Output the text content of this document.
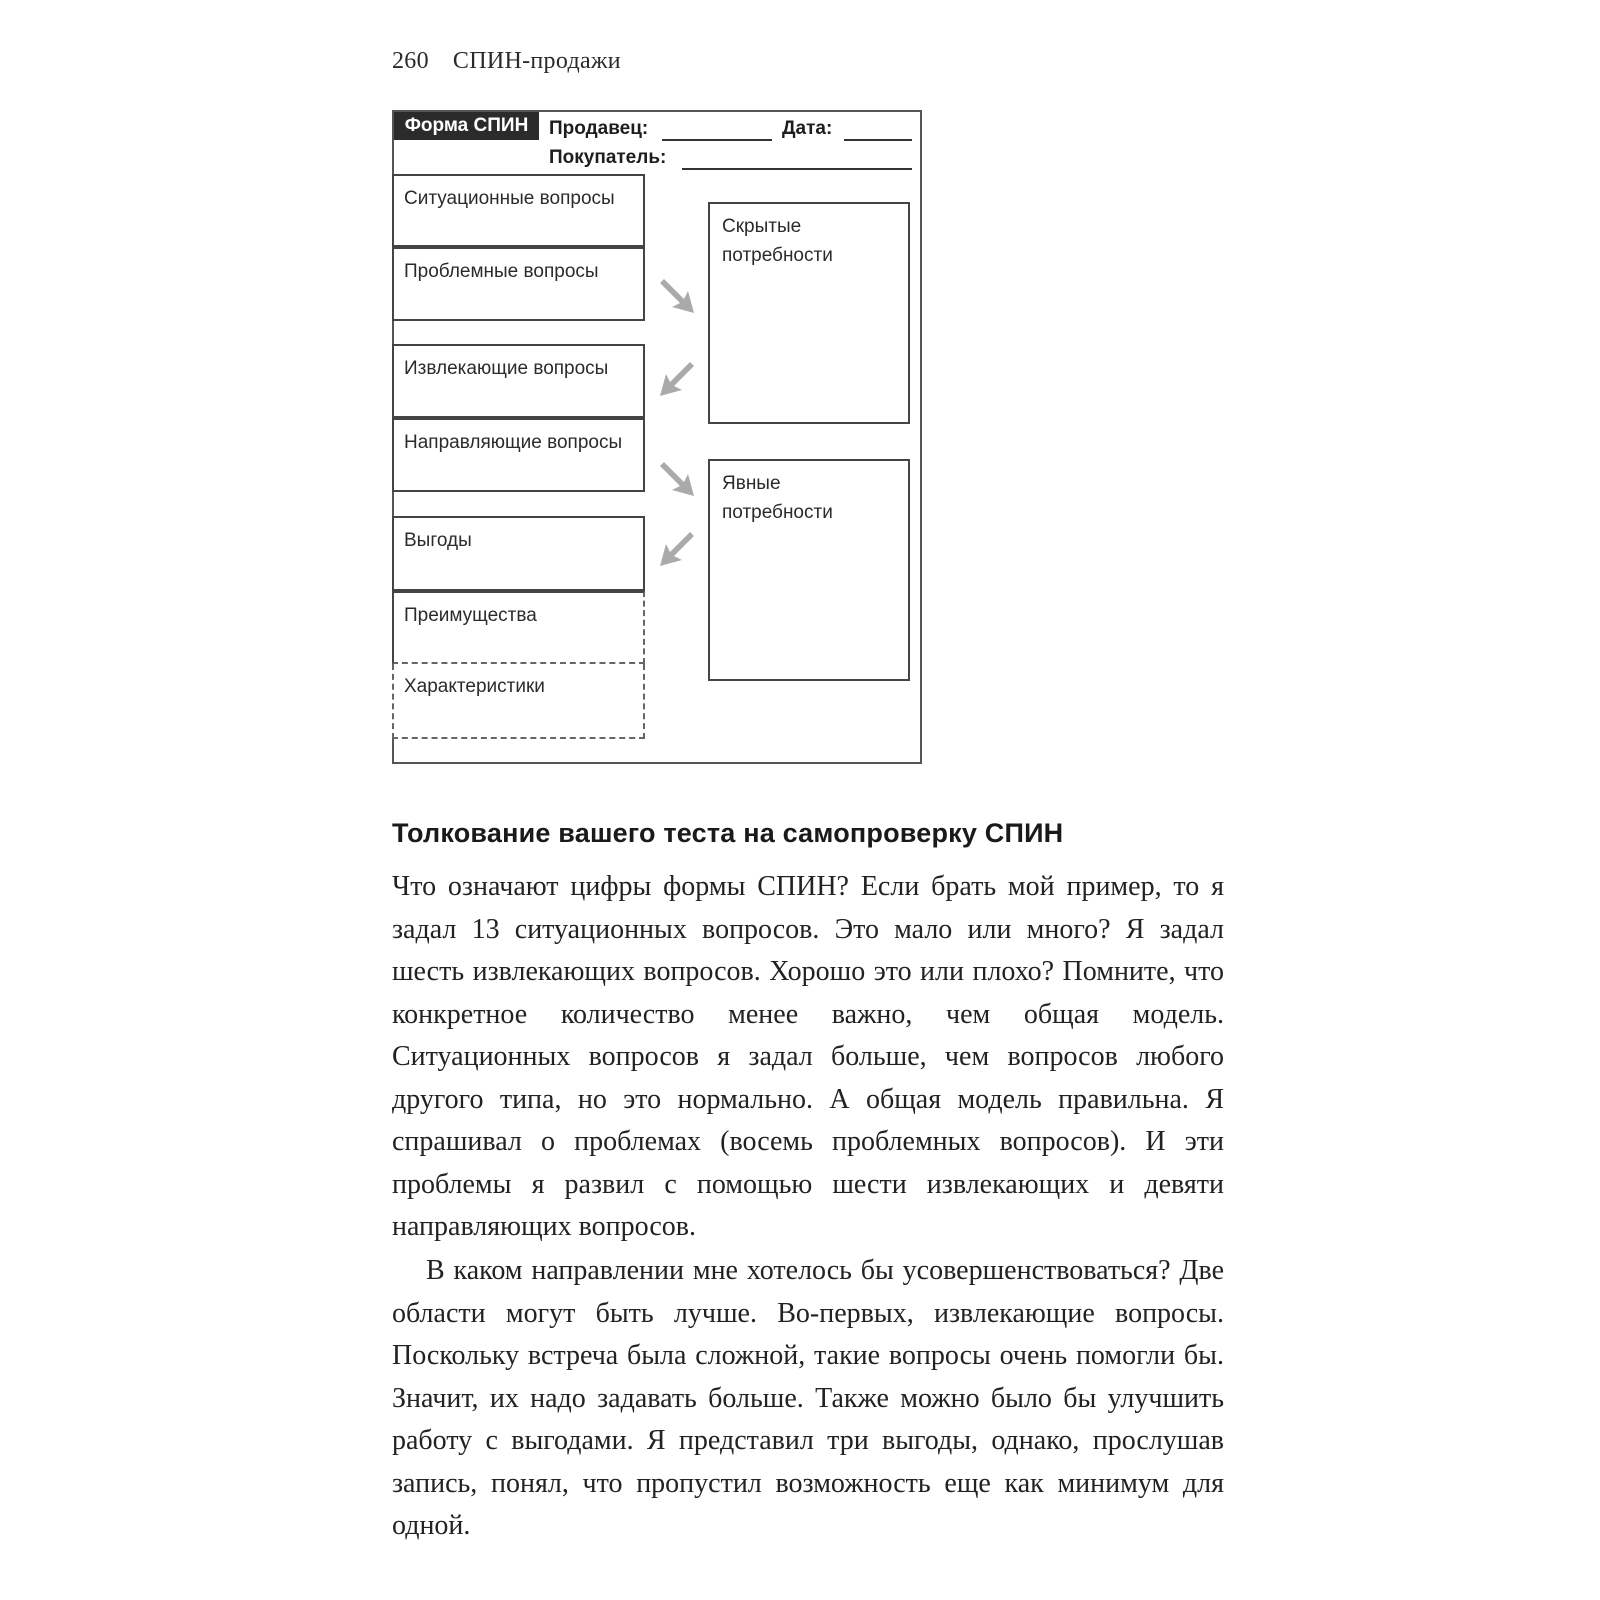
260 СПИН-продажи
Форма СПИН	Продавец:	Дата:
Покупатель:
Ситуационные вопросы
Проблемные вопросы
Извлекающие вопросы
Направляющие вопросы
Выгоды
Преимущества
Характеристики
Скрытые потребности
Явные потребности
Толкование вашего теста на самопроверку СПИН

Что означают цифры формы СПИН? Если брать мой пример, то я задал 13 ситуационных вопросов. Это мало или много? Я задал шесть извлекающих вопросов. Хорошо это или плохо? Помните, что конкретное количество менее важно, чем общая модель. Ситуационных вопросов я задал больше, чем вопросов любого другого типа, но это нормально. А общая модель правильна. Я спрашивал о проблемах (восемь проблемных вопросов). И эти проблемы я развил с помощью шести извлекающих и девяти направляющих вопросов.

В каком направлении мне хотелось бы усовершенствоваться? Две области могут быть лучше. Во-первых, извлекающие вопросы. Поскольку встреча была сложной, такие вопросы очень помогли бы. Значит, их надо задавать больше. Также можно было бы улучшить работу с выгодами. Я представил три выгоды, однако, прослушав запись, понял, что пропустил возможность еще как минимум для одной.
